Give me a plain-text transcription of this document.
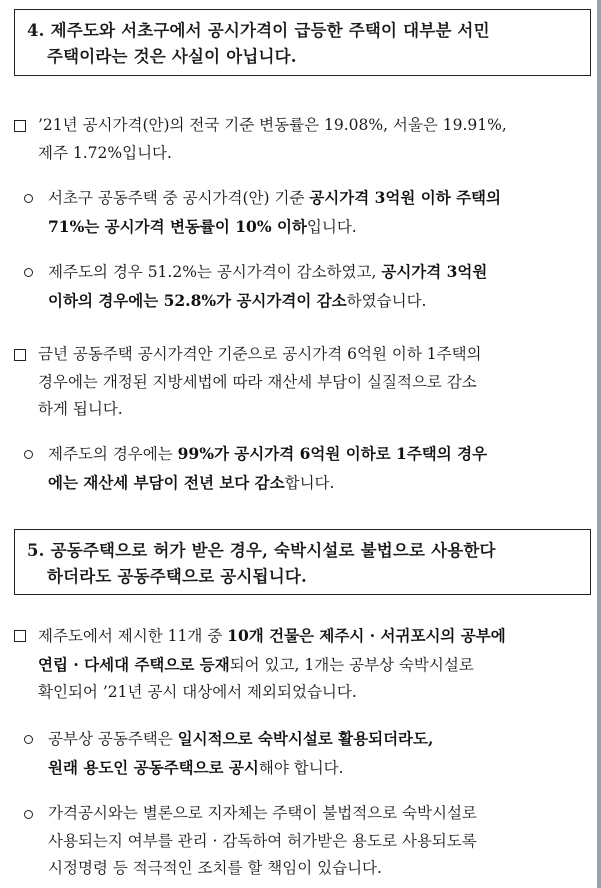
4. 제주도와 서초구에서 공시가격이 급등한 주택이 대부분 서민

주택이라는 것은 사실이 아닙니다.
’21년 공시가격(안)의 전국 기준 변동률은 19.08%, 서울은 19.91%,
제주 1.72%입니다.
서초구 공동주택 중 공시가격(안) 기준 공시가격 3억원 이하 주택의
71%는 공시가격 변동률이 10% 이하입니다.
제주도의 경우 51.2%는 공시가격이 감소하였고, 공시가격 3억원
이하의 경우에는 52.8%가 공시가격이 감소하였습니다.
금년 공동주택 공시가격안 기준으로 공시가격 6억원 이하 1주택의
경우에는 개정된 지방세법에 따라 재산세 부담이 실질적으로 감소
하게 됩니다.
제주도의 경우에는 99%가 공시가격 6억원 이하로 1주택의 경우
에는 재산세 부담이 전년 보다 감소합니다.
5. 공동주택으로 허가 받은 경우, 숙박시설로 불법으로 사용한다

하더라도 공동주택으로 공시됩니다.
제주도에서 제시한 11개 중 10개 건물은 제주시 · 서귀포시의 공부에
연립 · 다세대 주택으로 등재되어 있고, 1개는 공부상 숙박시설로
확인되어 ’21년 공시 대상에서 제외되었습니다.
공부상 공동주택은 일시적으로 숙박시설로 활용되더라도,
원래 용도인 공동주택으로 공시해야 합니다.
가격공시와는 별론으로 지자체는 주택이 불법적으로 숙박시설로
사용되는지 여부를 관리 · 감독하여 허가받은 용도로 사용되도록
시정명령 등 적극적인 조치를 할 책임이 있습니다.
